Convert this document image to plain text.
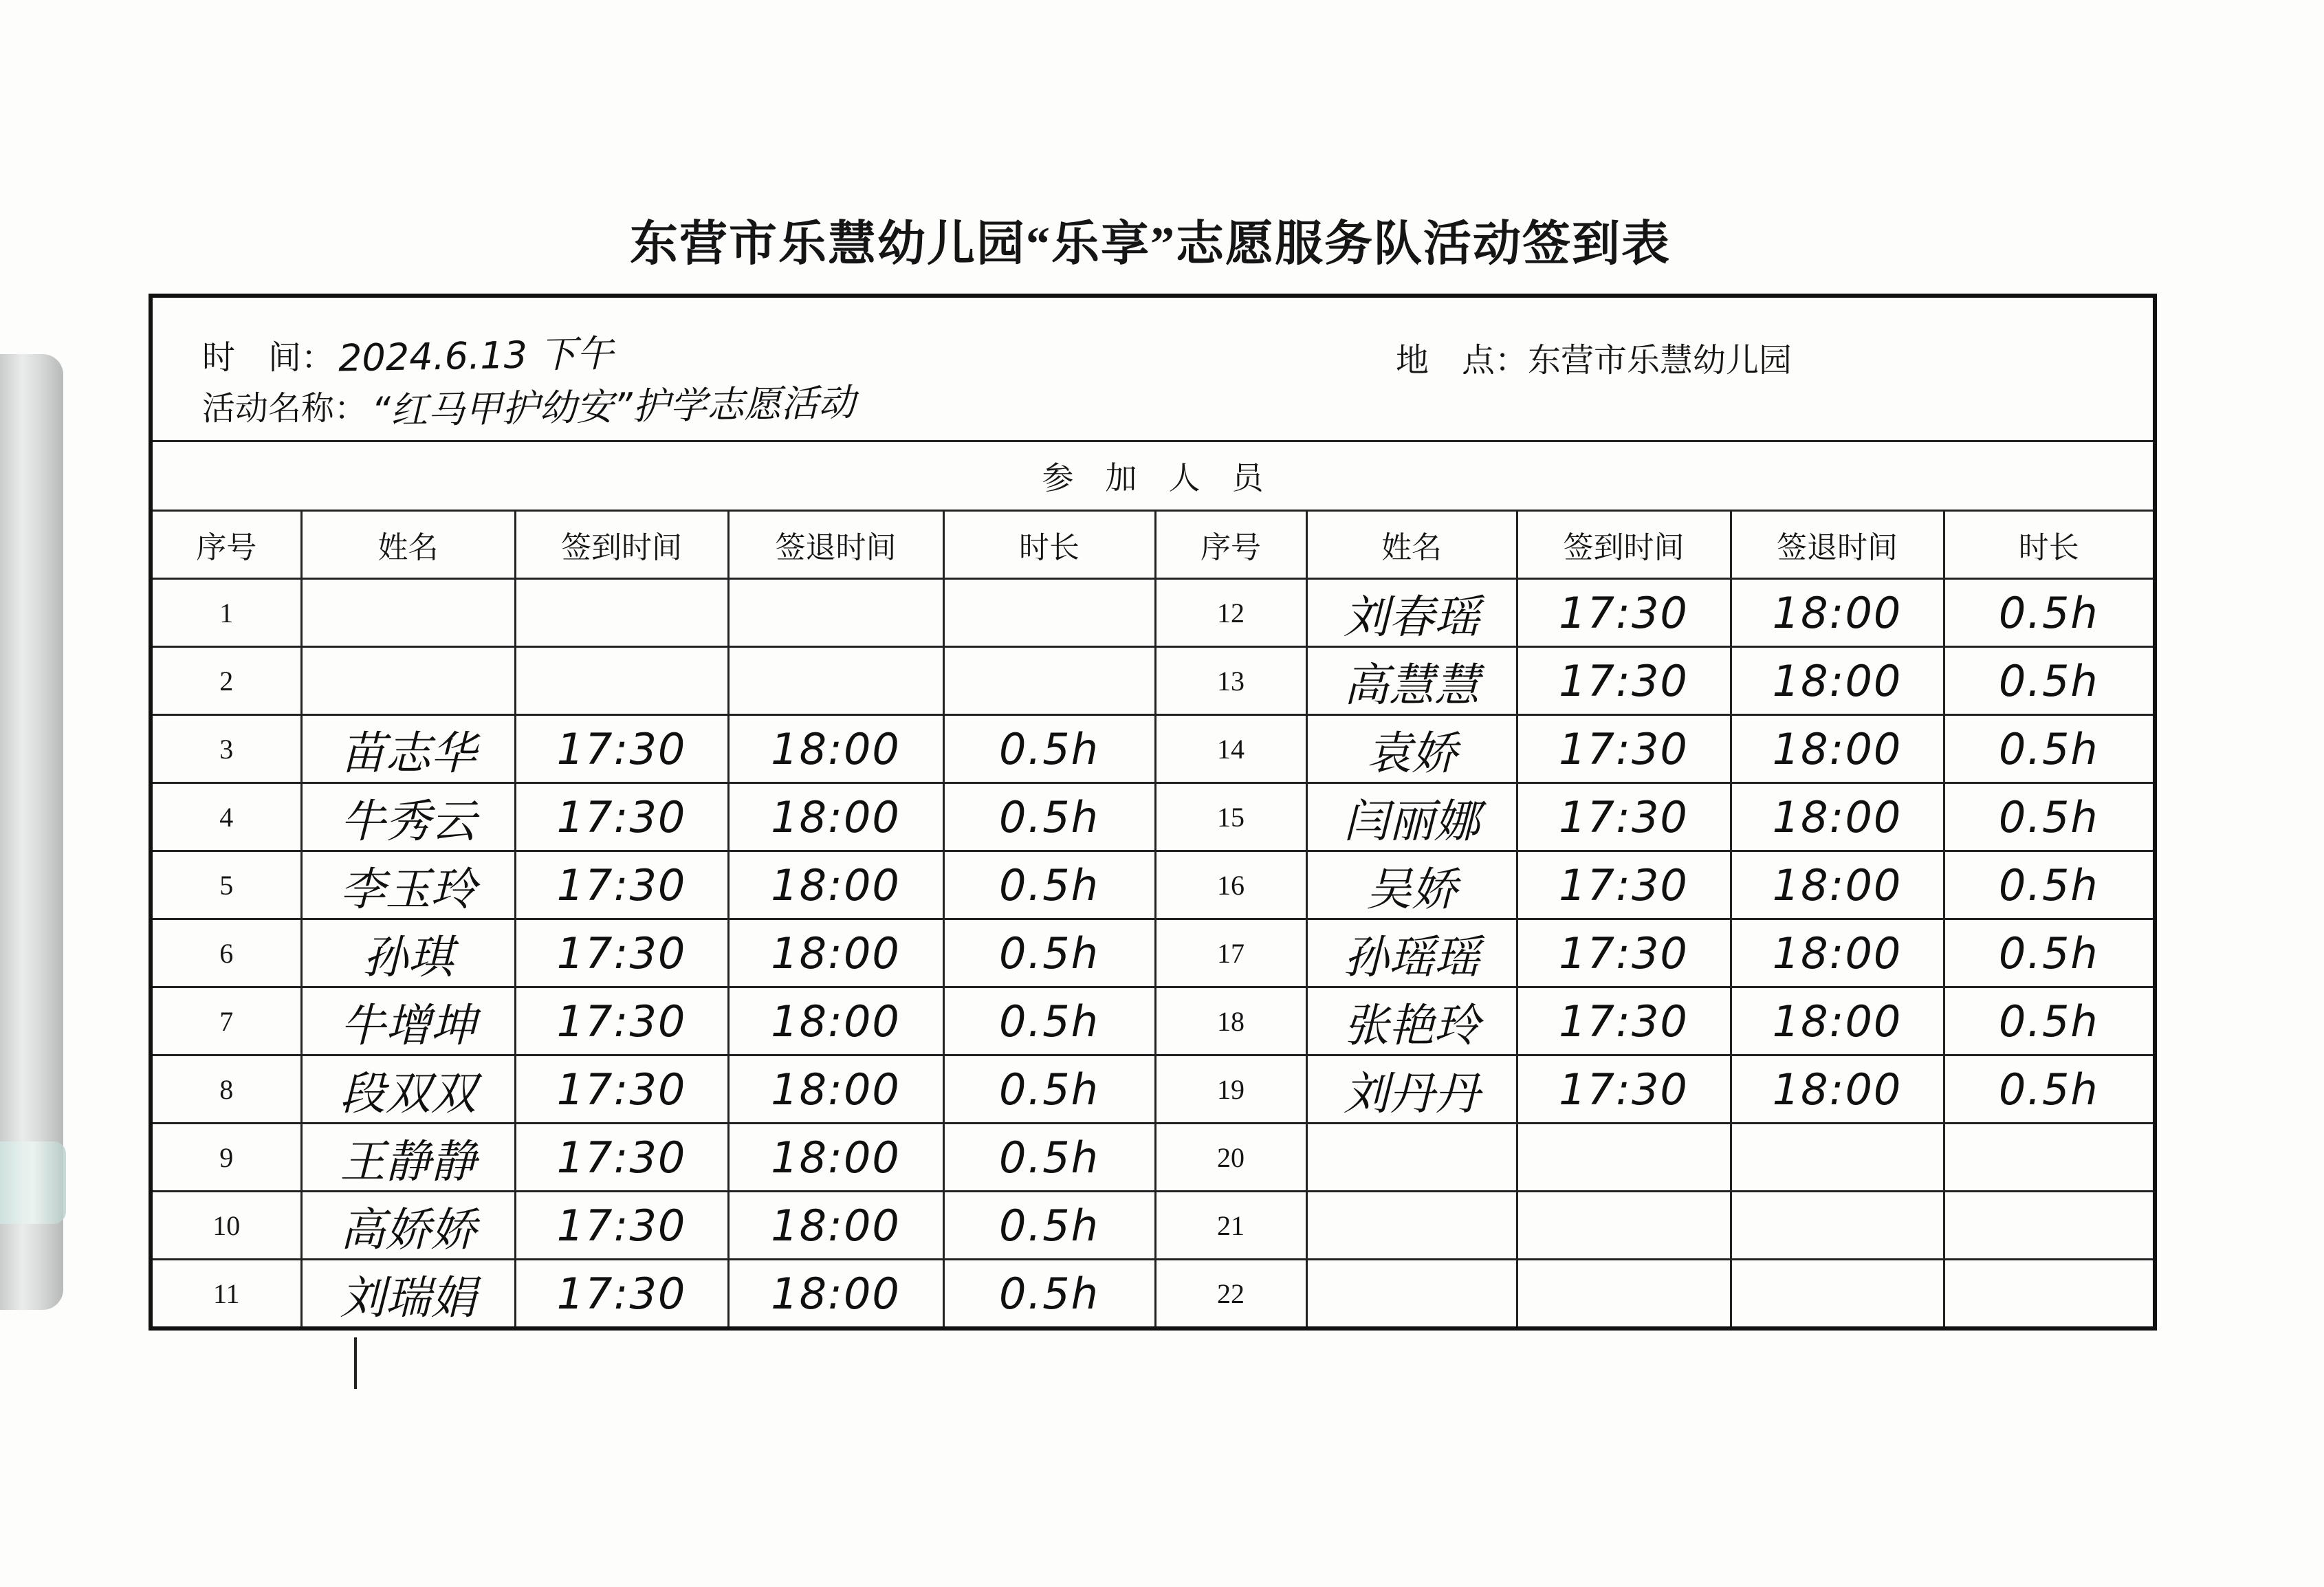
东营市乐慧幼儿园“乐享”志愿服务队活动签到表
时　间： 2024.6.13 下午
活动名称： “红马甲护幼安”护学志愿活动
地　点：东营市乐慧幼儿园									

参加人员									
序号	姓名	签到时间	签退时间	时长	序号	姓名	签到时间	签退时间	时长
1					12	刘春瑶	17:30	18:00	0.5h
2					13	高慧慧	17:30	18:00	0.5h
3	苗志华	17:30	18:00	0.5h	14	袁娇	17:30	18:00	0.5h
4	牛秀云	17:30	18:00	0.5h	15	闫丽娜	17:30	18:00	0.5h
5	李玉玲	17:30	18:00	0.5h	16	吴娇	17:30	18:00	0.5h
6	孙琪	17:30	18:00	0.5h	17	孙瑶瑶	17:30	18:00	0.5h
7	牛增坤	17:30	18:00	0.5h	18	张艳玲	17:30	18:00	0.5h
8	段双双	17:30	18:00	0.5h	19	刘丹丹	17:30	18:00	0.5h
9	王静静	17:30	18:00	0.5h	20				
10	高娇娇	17:30	18:00	0.5h	21				
11	刘瑞娟	17:30	18:00	0.5h	22				
